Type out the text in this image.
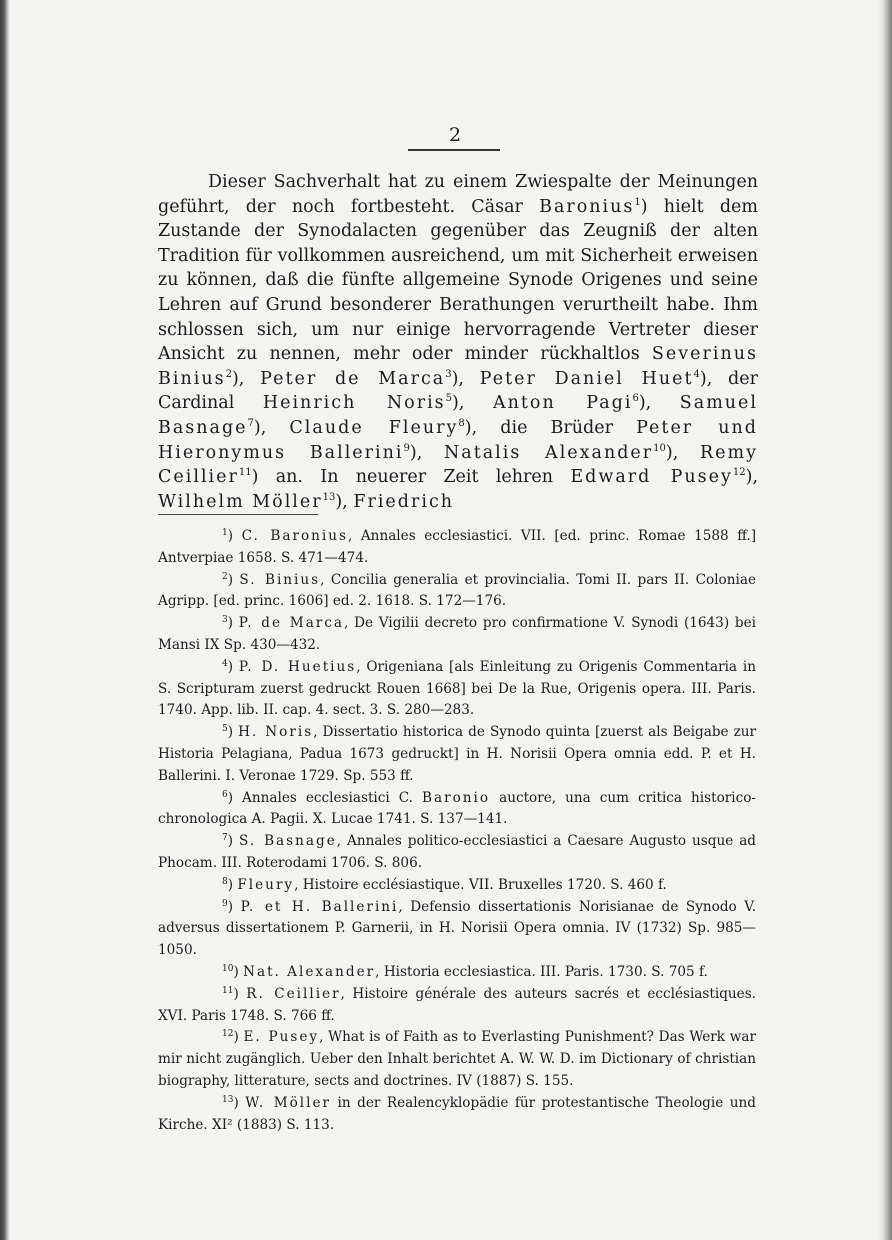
2

Dieser Sachverhalt hat zu einem Zwiespalte der Meinungen geführt, der noch fortbesteht. Cäsar Baronius$^1$) hielt dem Zustande der Synodalacten gegenüber das Zeugniß der alten Tradition für vollkommen ausreichend, um mit Sicherheit erweisen zu können, daß die fünfte allgemeine Synode Origenes und seine Lehren auf Grund besonderer Berathungen verurtheilt habe. Ihm schlossen sich, um nur einige hervorragende Vertreter dieser Ansicht zu nennen, mehr oder minder rückhaltlos Severinus Binius$^2$), Peter de Marca$^3$), Peter Daniel Huet$^4$), der Cardinal Heinrich Noris$^5$), Anton Pagi$^6$), Samuel Basnage$^7$), Claude Fleury$^8$), die Brüder Peter und Hieronymus Ballerini$^9$), Natalis Alexander$^{10}$), Remy Ceillier$^{11}$) an. In neuerer Zeit lehren Edward Pusey$^{12}$), Wilhelm Möller$^{13}$), Friedrich

$^1$) C. Baronius, Annales ecclesiastici. VII. [ed. princ. Romae 1588 ff.] Antverpiae 1658. S. 471—474.

$^2$) S. Binius, Concilia generalia et provincialia. Tomi II. pars II. Coloniae Agripp. [ed. princ. 1606] ed. 2. 1618. S. 172—176.

$^3$) P. de Marca, De Vigilii decreto pro confirmatione V. Synodi (1643) bei Mansi IX Sp. 430—432.

$^4$) P. D. Huetius, Origeniana [als Einleitung zu Origenis Commentaria in S. Scripturam zuerst gedruckt Rouen 1668] bei De la Rue, Origenis opera. III. Paris. 1740. App. lib. II. cap. 4. sect. 3. S. 280—283.

$^5$) H. Noris, Dissertatio historica de Synodo quinta [zuerst als Beigabe zur Historia Pelagiana, Padua 1673 gedruckt] in H. Norisii Opera omnia edd. P. et H. Ballerini. I. Veronae 1729. Sp. 553 ff.

$^6$) Annales ecclesiastici C. Baronio auctore, una cum critica historico-chronologica A. Pagii. X. Lucae 1741. S. 137—141.

$^7$) S. Basnage, Annales politico-ecclesiastici a Caesare Augusto usque ad Phocam. III. Roterodami 1706. S. 806.

$^8$) Fleury, Histoire ecclésiastique. VII. Bruxelles 1720. S. 460 f.

$^9$) P. et H. Ballerini, Defensio dissertationis Norisianae de Synodo V. adversus dissertationem P. Garnerii, in H. Norisii Opera omnia. IV (1732) Sp. 985—1050.

$^{10}$) Nat. Alexander, Historia ecclesiastica. III. Paris. 1730. S. 705 f.

$^{11}$) R. Ceillier, Histoire générale des auteurs sacrés et ecclésiastiques. XVI. Paris 1748. S. 766 ff.

$^{12}$) E. Pusey, What is of Faith as to Everlasting Punishment? Das Werk war mir nicht zugänglich. Ueber den Inhalt berichtet A. W. W. D. im Dictionary of christian biography, litterature, sects and doctrines. IV (1887) S. 155.

$^{13}$) W. Möller in der Realencyklopädie für protestantische Theologie und Kirche. XI² (1883) S. 113.
